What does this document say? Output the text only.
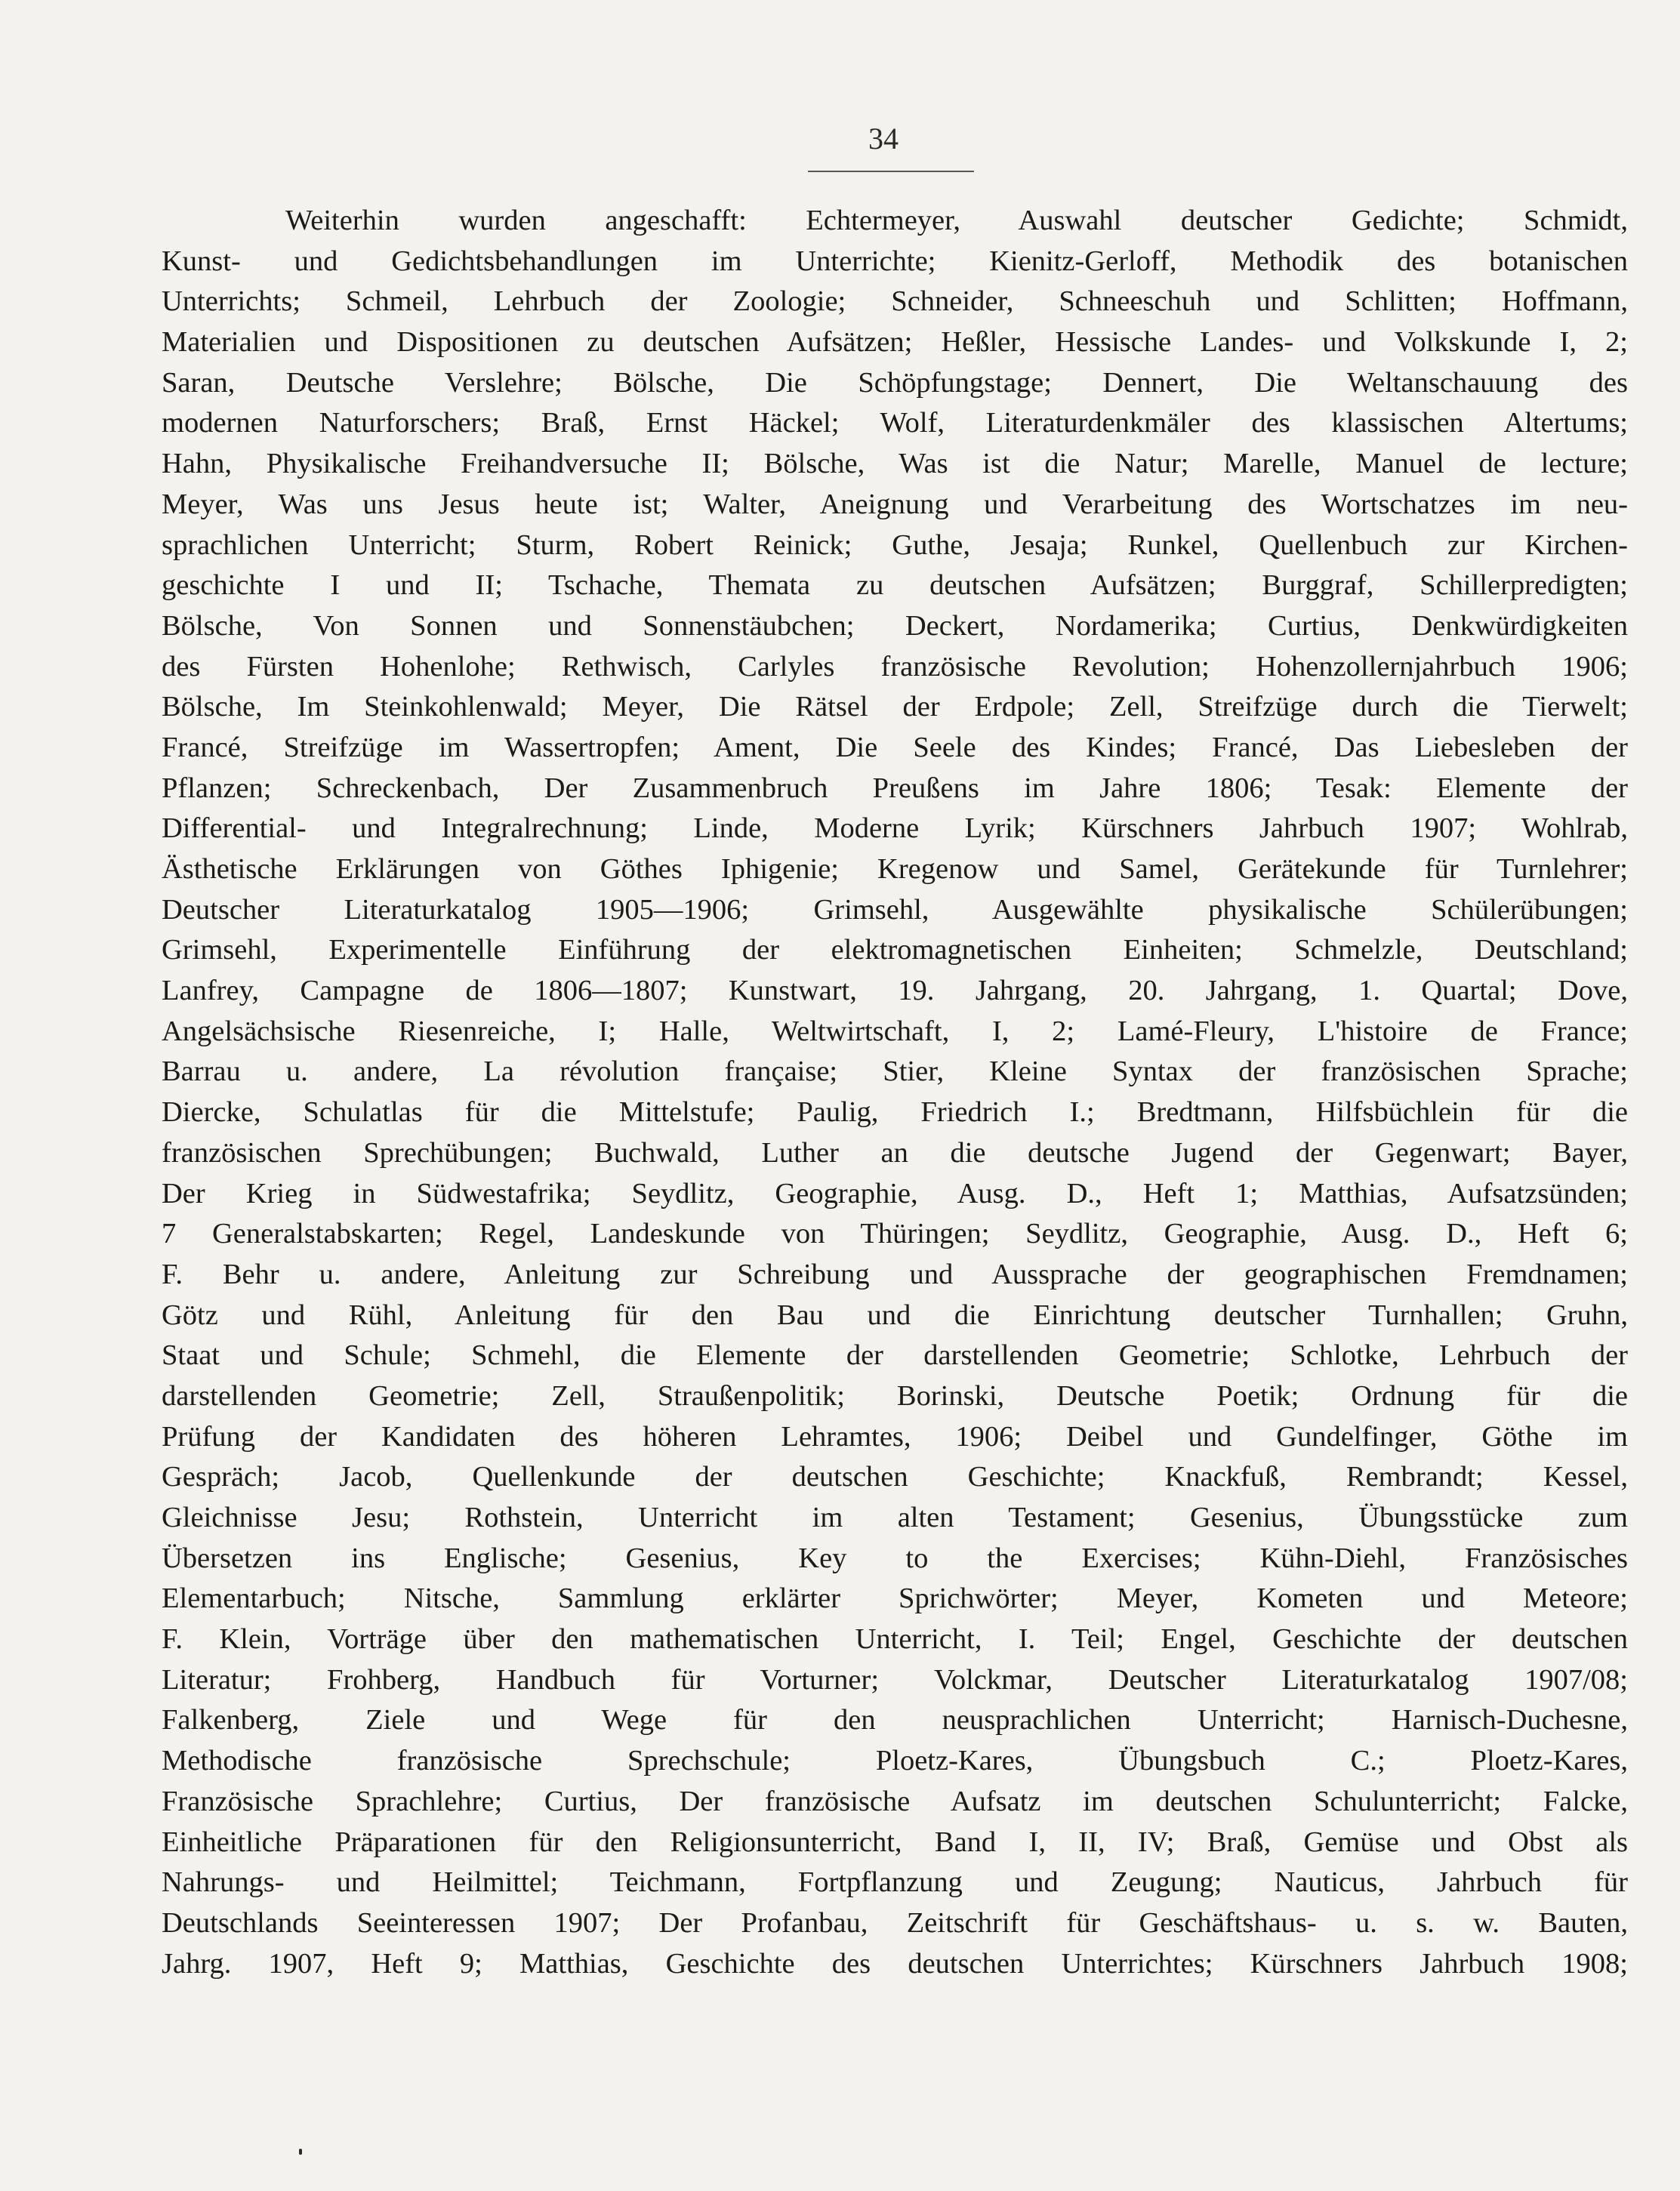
34
Weiterhin wurden angeschafft: Echtermeyer, Auswahl deutscher Gedichte; Schmidt,
Kunst- und Gedichtsbehandlungen im Unterrichte; Kienitz-Gerloff, Methodik des botanischen
Unterrichts; Schmeil, Lehrbuch der Zoologie; Schneider, Schneeschuh und Schlitten; Hoffmann,
Materialien und Dispositionen zu deutschen Aufsätzen; Heßler, Hessische Landes- und Volkskunde I, 2;
Saran, Deutsche Verslehre; Bölsche, Die Schöpfungstage; Dennert, Die Weltanschauung des
modernen Naturforschers; Braß, Ernst Häckel; Wolf, Literaturdenkmäler des klassischen Altertums;
Hahn, Physikalische Freihandversuche II; Bölsche, Was ist die Natur; Marelle, Manuel de lecture;
Meyer, Was uns Jesus heute ist; Walter, Aneignung und Verarbeitung des Wortschatzes im neu-
sprachlichen Unterricht; Sturm, Robert Reinick; Guthe, Jesaja; Runkel, Quellenbuch zur Kirchen-
geschichte I und II; Tschache, Themata zu deutschen Aufsätzen; Burggraf, Schillerpredigten;
Bölsche, Von Sonnen und Sonnenstäubchen; Deckert, Nordamerika; Curtius, Denkwürdigkeiten
des Fürsten Hohenlohe; Rethwisch, Carlyles französische Revolution; Hohenzollernjahrbuch 1906;
Bölsche, Im Steinkohlenwald; Meyer, Die Rätsel der Erdpole; Zell, Streifzüge durch die Tierwelt;
Francé, Streifzüge im Wassertropfen; Ament, Die Seele des Kindes; Francé, Das Liebesleben der
Pflanzen; Schreckenbach, Der Zusammenbruch Preußens im Jahre 1806; Tesak: Elemente der
Differential- und Integralrechnung; Linde, Moderne Lyrik; Kürschners Jahrbuch 1907; Wohlrab,
Ästhetische Erklärungen von Göthes Iphigenie; Kregenow und Samel, Gerätekunde für Turnlehrer;
Deutscher Literaturkatalog 1905—1906; Grimsehl, Ausgewählte physikalische Schülerübungen;
Grimsehl, Experimentelle Einführung der elektromagnetischen Einheiten; Schmelzle, Deutschland;
Lanfrey, Campagne de 1806—1807; Kunstwart, 19. Jahrgang, 20. Jahrgang, 1. Quartal; Dove,
Angelsächsische Riesenreiche, I; Halle, Weltwirtschaft, I, 2; Lamé-Fleury, L'histoire de France;
Barrau u. andere, La révolution française; Stier, Kleine Syntax der französischen Sprache;
Diercke, Schulatlas für die Mittelstufe; Paulig, Friedrich I.; Bredtmann, Hilfsbüchlein für die
französischen Sprechübungen; Buchwald, Luther an die deutsche Jugend der Gegenwart; Bayer,
Der Krieg in Südwestafrika; Seydlitz, Geographie, Ausg. D., Heft 1; Matthias, Aufsatzsünden;
7 Generalstabskarten; Regel, Landeskunde von Thüringen; Seydlitz, Geographie, Ausg. D., Heft 6;
F. Behr u. andere, Anleitung zur Schreibung und Aussprache der geographischen Fremdnamen;
Götz und Rühl, Anleitung für den Bau und die Einrichtung deutscher Turnhallen; Gruhn,
Staat und Schule; Schmehl, die Elemente der darstellenden Geometrie; Schlotke, Lehrbuch der
darstellenden Geometrie; Zell, Straußenpolitik; Borinski, Deutsche Poetik; Ordnung für die
Prüfung der Kandidaten des höheren Lehramtes, 1906; Deibel und Gundelfinger, Göthe im
Gespräch; Jacob, Quellenkunde der deutschen Geschichte; Knackfuß, Rembrandt; Kessel,
Gleichnisse Jesu; Rothstein, Unterricht im alten Testament; Gesenius, Übungsstücke zum
Übersetzen ins Englische; Gesenius, Key to the Exercises; Kühn-Diehl, Französisches
Elementarbuch; Nitsche, Sammlung erklärter Sprichwörter; Meyer, Kometen und Meteore;
F. Klein, Vorträge über den mathematischen Unterricht, I. Teil; Engel, Geschichte der deutschen
Literatur; Frohberg, Handbuch für Vorturner; Volckmar, Deutscher Literaturkatalog 1907/08;
Falkenberg, Ziele und Wege für den neusprachlichen Unterricht; Harnisch-Duchesne,
Methodische französische Sprechschule; Ploetz-Kares, Übungsbuch C.; Ploetz-Kares,
Französische Sprachlehre; Curtius, Der französische Aufsatz im deutschen Schulunterricht; Falcke,
Einheitliche Präparationen für den Religionsunterricht, Band I, II, IV; Braß, Gemüse und Obst als
Nahrungs- und Heilmittel; Teichmann, Fortpflanzung und Zeugung; Nauticus, Jahrbuch für
Deutschlands Seeinteressen 1907; Der Profanbau, Zeitschrift für Geschäftshaus- u. s. w. Bauten,
Jahrg. 1907, Heft 9; Matthias, Geschichte des deutschen Unterrichtes; Kürschners Jahrbuch 1908;
